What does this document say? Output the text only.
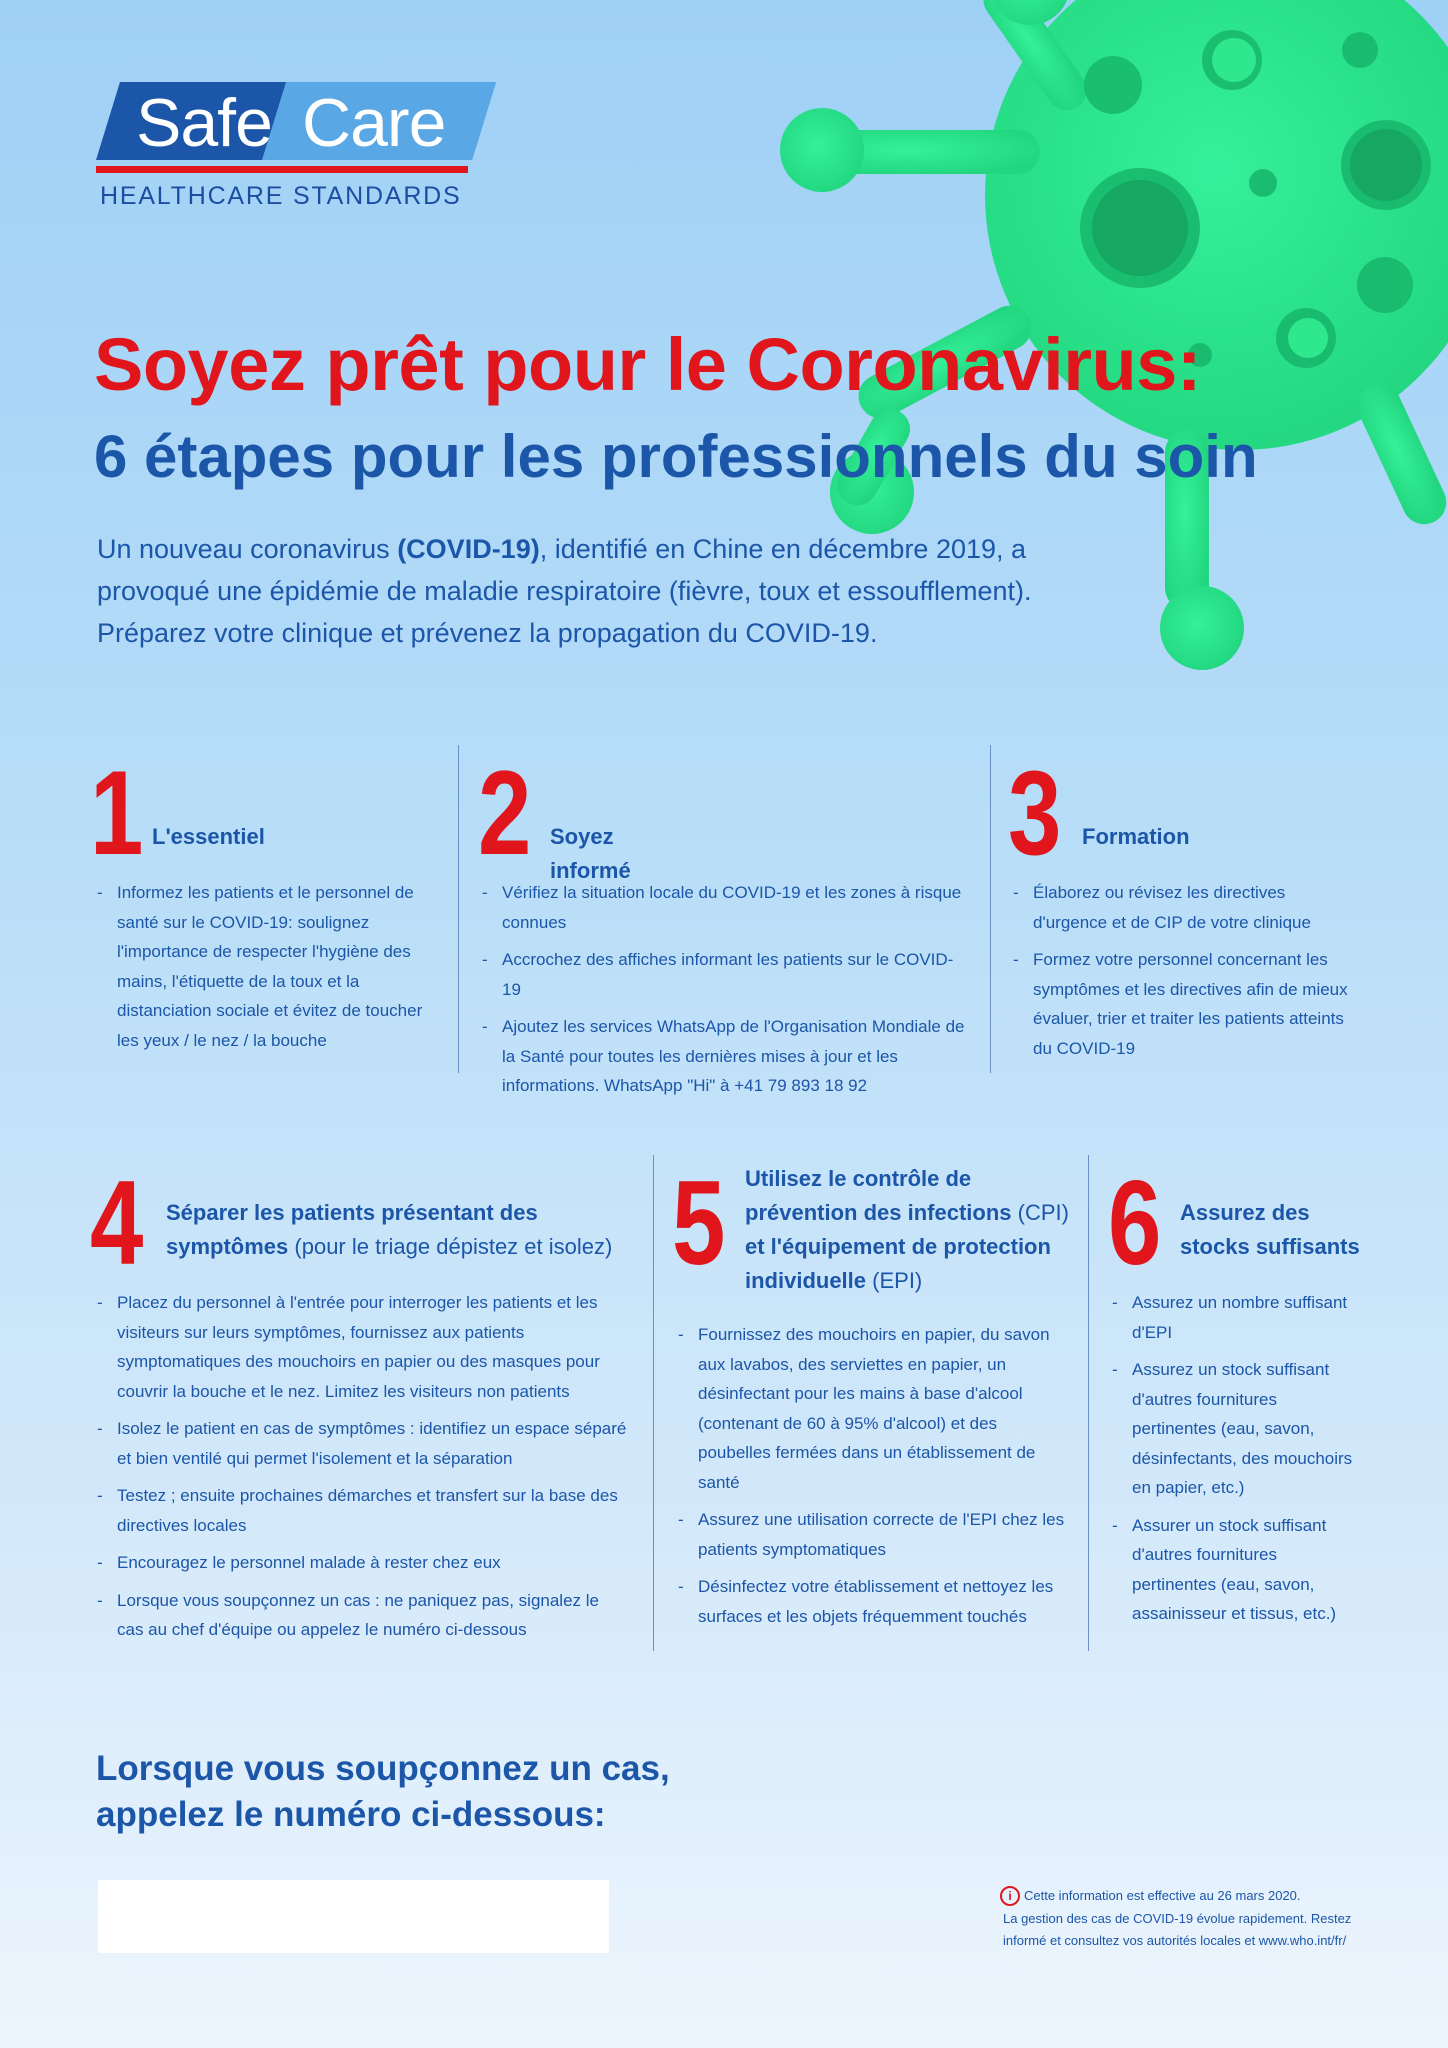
Safe Care
HEALTHCARE STANDARDS
Soyez prêt pour le Coronavirus:
6 étapes pour les professionnels du soin
Un nouveau coronavirus (COVID-19), identifié en Chine en décembre 2019, a
provoqué une épidémie de maladie respiratoire (fièvre, toux et essoufflement).
Préparez votre clinique et prévenez la propagation du COVID-19.
1 L'essentiel
- Informez les patients et le personnel de santé sur le COVID-19: soulignez l'importance de respecter l'hygiène des mains, l'étiquette de la toux et la distanciation sociale et évitez de toucher les yeux / le nez / la bouche
2 Soyez informé
- Vérifiez la situation locale du COVID-19 et les zones à risque connues
- Accrochez des affiches informant les patients sur le COVID-19
- Ajoutez les services WhatsApp de l'Organisation Mondiale de la Santé pour toutes les dernières mises à jour et les informations. WhatsApp "Hi" à +41 79 893 18 92
3 Formation
- Élaborez ou révisez les directives d'urgence et de CIP de votre clinique
- Formez votre personnel concernant les symptômes et les directives afin de mieux évaluer, trier et traiter les patients atteints du COVID-19
4 Séparer les patients présentant des
symptômes (pour le triage dépistez et isolez)
- Placez du personnel à l'entrée pour interroger les patients et les visiteurs sur leurs symptômes, fournissez aux patients symptomatiques des mouchoirs en papier ou des masques pour couvrir la bouche et le nez. Limitez les visiteurs non patients
- Isolez le patient en cas de symptômes : identifiez un espace séparé et bien ventilé qui permet l'isolement et la séparation
- Testez ; ensuite prochaines démarches et transfert sur la base des directives locales
- Encouragez le personnel malade à rester chez eux
- Lorsque vous soupçonnez un cas : ne paniquez pas, signalez le cas au chef d'équipe ou appelez le numéro ci-dessous
5 Utilisez le contrôle de
prévention des infections (CPI)
et l'équipement de protection
individuelle (EPI)
- Fournissez des mouchoirs en papier, du savon aux lavabos, des serviettes en papier, un désinfectant pour les mains à base d'alcool (contenant de 60 à 95% d'alcool) et des poubelles fermées dans un établissement de santé
- Assurez une utilisation correcte de l'EPI chez les patients symptomatiques
- Désinfectez votre établissement et nettoyez les surfaces et les objets fréquemment touchés
6 Assurez des
stocks suffisants
- Assurez un nombre suffisant d'EPI
- Assurez un stock suffisant d'autres fournitures pertinentes (eau, savon, désinfectants, des mouchoirs en papier, etc.)
- Assurer un stock suffisant d'autres fournitures pertinentes (eau, savon, assainisseur et tissus, etc.)
Lorsque vous soupçonnez un cas,
appelez le numéro ci-dessous:
i Cette information est effective au 26 mars 2020.
La gestion des cas de COVID-19 évolue rapidement. Restez
informé et consultez vos autorités locales et www.who.int/fr/
